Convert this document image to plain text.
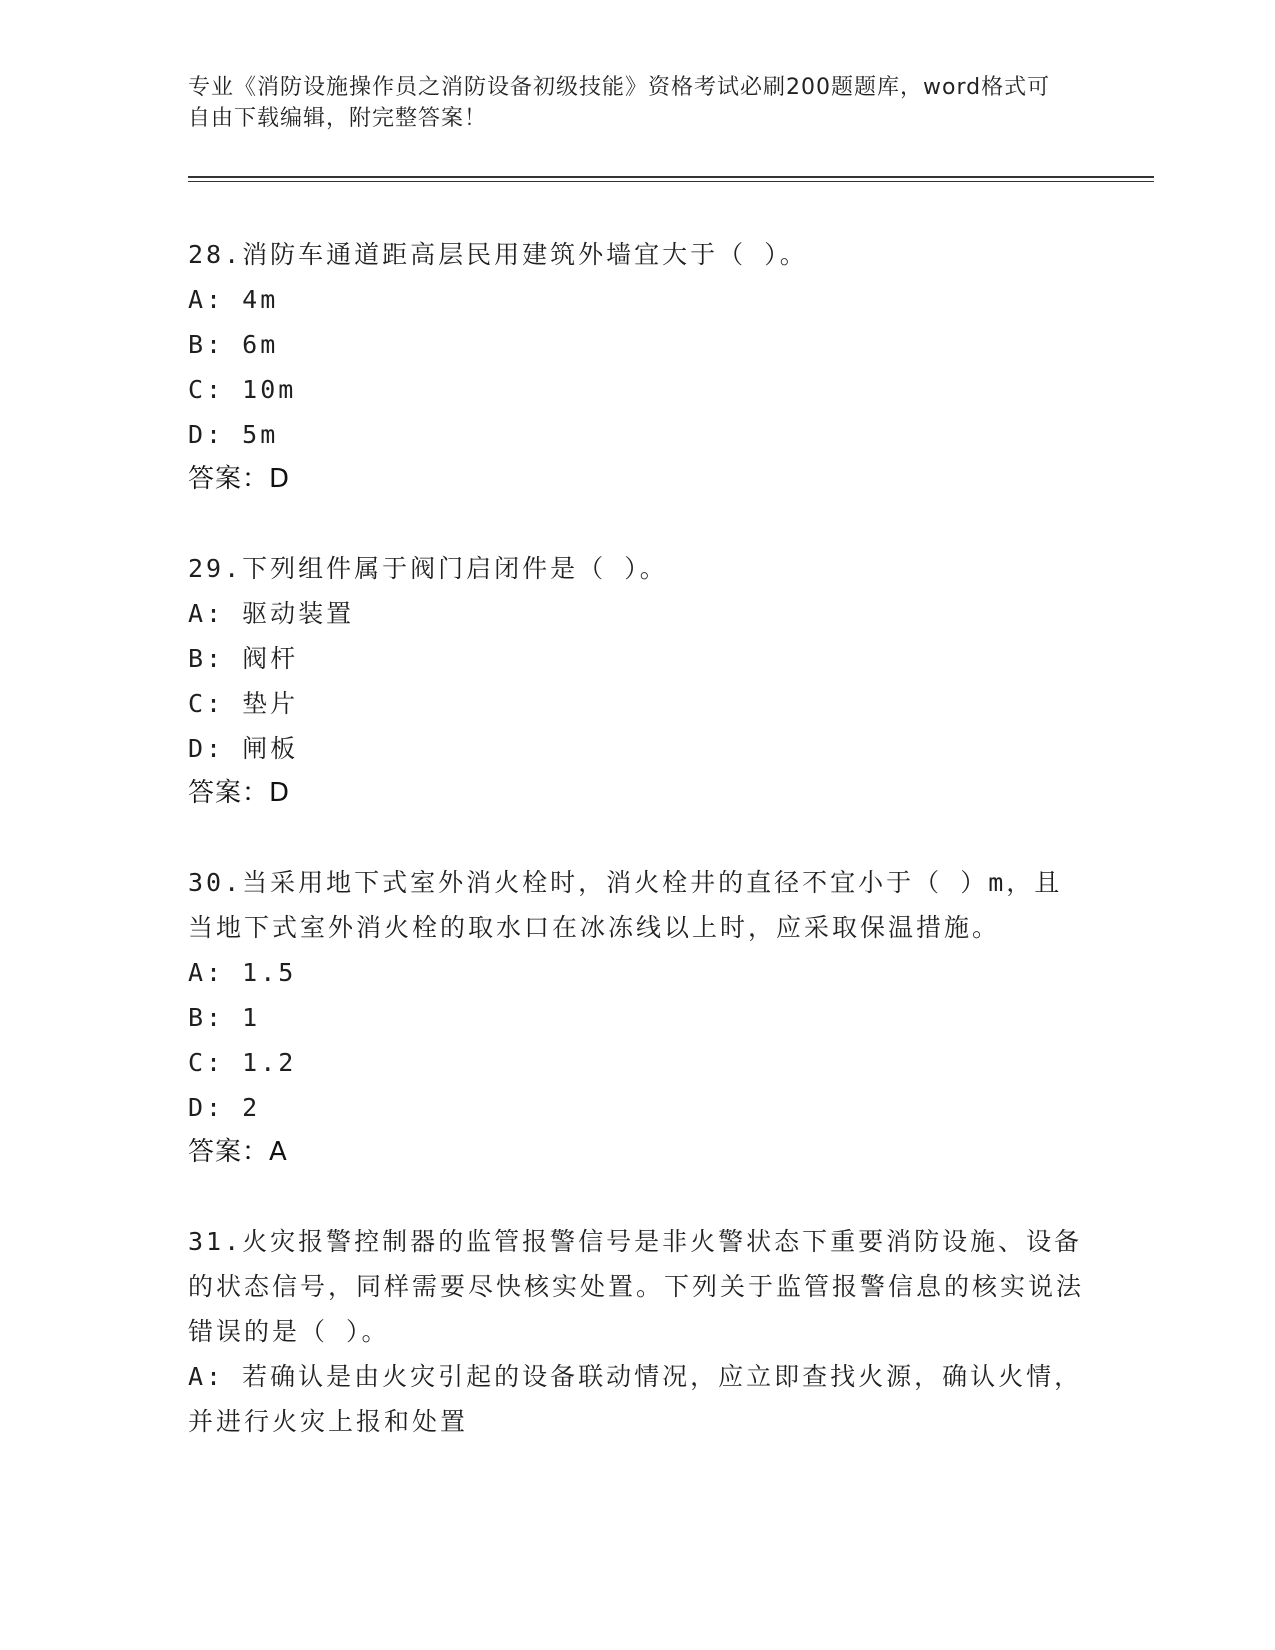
专业《消防设施操作员之消防设备初级技能》资格考试必刷200题题库，word格式可自由下载编辑，附完整答案！

28.消防车通道距高层民用建筑外墙宜大于（ ）。

A: 4m

B: 6m

C: 10m

D: 5m

答案：D

29.下列组件属于阀门启闭件是（ ）。

A: 驱动装置

B: 阀杆

C: 垫片

D: 闸板

答案：D

30.当采用地下式室外消火栓时，消火栓井的直径不宜小于（ ）m，且当地下式室外消火栓的取水口在冰冻线以上时，应采取保温措施。

A: 1.5

B: 1

C: 1.2

D: 2

答案：A

31.火灾报警控制器的监管报警信号是非火警状态下重要消防设施、设备的状态信号，同样需要尽快核实处置。下列关于监管报警信息的核实说法错误的是（ ）。

A: 若确认是由火灾引起的设备联动情况，应立即查找火源，确认火情，并进行火灾上报和处置
